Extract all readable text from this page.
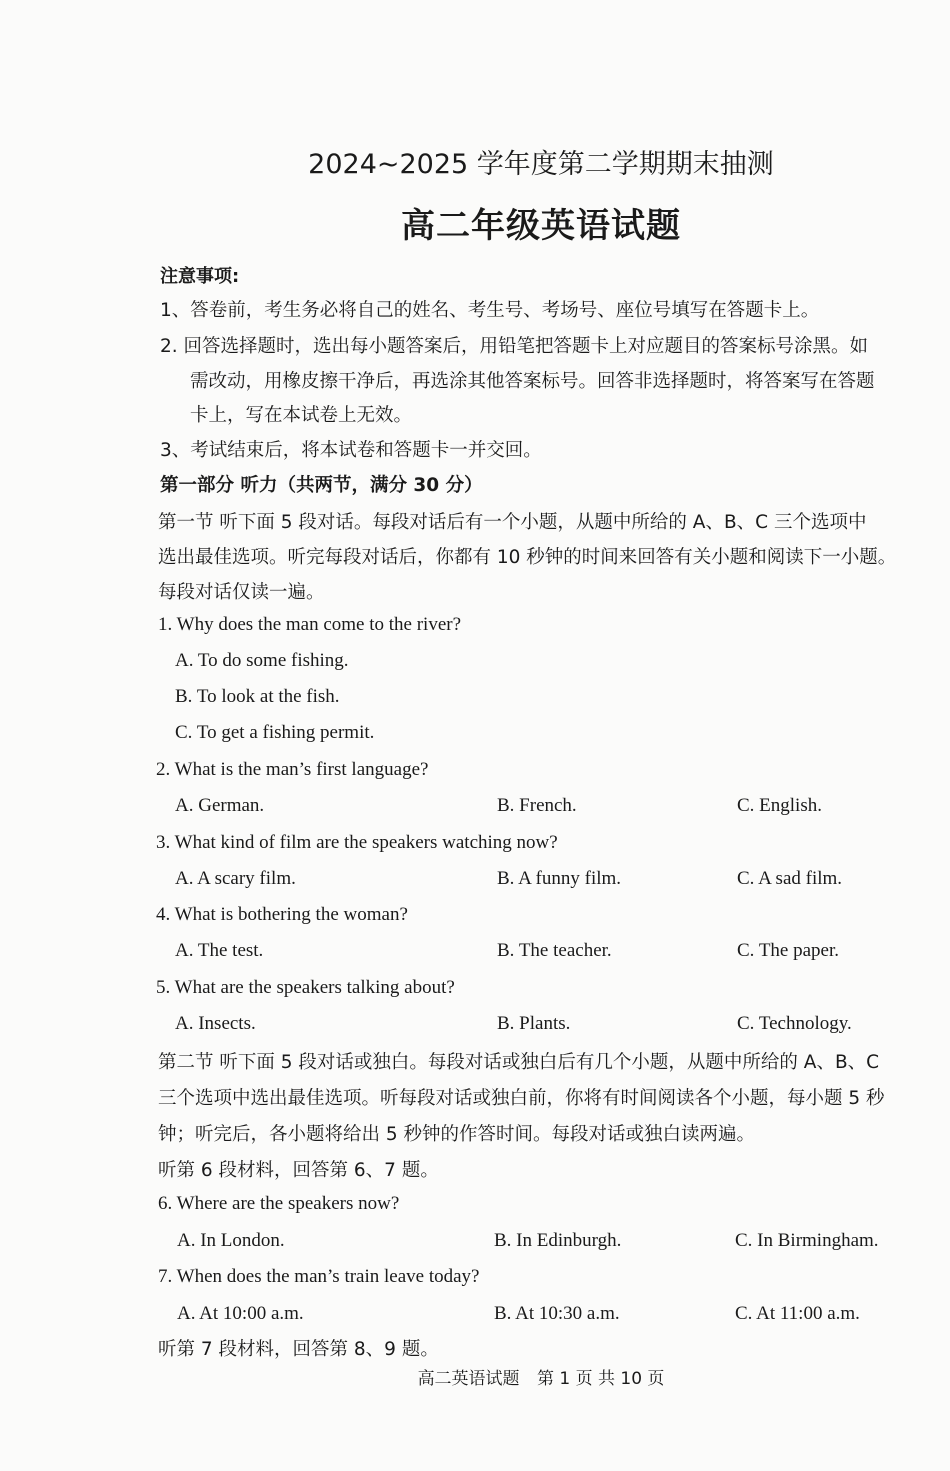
2024~2025 学年度第二学期期末抽测
高二年级英语试题
注意事项:
1、答卷前，考生务必将自己的姓名、考生号、考场号、座位号填写在答题卡上。
2. 回答选择题时，选出每小题答案后，用铅笔把答题卡上对应题目的答案标号涂黑。如
需改动，用橡皮擦干净后，再选涂其他答案标号。回答非选择题时，将答案写在答题
卡上，写在本试卷上无效。
3、考试结束后，将本试卷和答题卡一并交回。
第一部分 听力（共两节，满分 30 分）
第一节 听下面 5 段对话。每段对话后有一个小题，从题中所给的 A、B、C 三个选项中
选出最佳选项。听完每段对话后，你都有 10 秒钟的时间来回答有关小题和阅读下一小题。
每段对话仅读一遍。
1. Why does the man come to the river?
A. To do some fishing.
B. To look at the fish.
C. To get a fishing permit.
2. What is the man’s first language?
A. German.	B. French.	C. English.
3. What kind of film are the speakers watching now?
A. A scary film.	B. A funny film.	C. A sad film.
4. What is bothering the woman?
A. The test.	B. The teacher.	C. The paper.
5. What are the speakers talking about?
A. Insects.	B. Plants.	C. Technology.
第二节 听下面 5 段对话或独白。每段对话或独白后有几个小题，从题中所给的 A、B、C
三个选项中选出最佳选项。听每段对话或独白前，你将有时间阅读各个小题，每小题 5 秒
钟；听完后，各小题将给出 5 秒钟的作答时间。每段对话或独白读两遍。
听第 6 段材料，回答第 6、7 题。
6. Where are the speakers now?
A. In London.	B. In Edinburgh.	C. In Birmingham.
7. When does the man’s train leave today?
A. At 10:00 a.m.	B. At 10:30 a.m.	C. At 11:00 a.m.
听第 7 段材料，回答第 8、9 题。
高二英语试题 第 1 页 共 10 页
